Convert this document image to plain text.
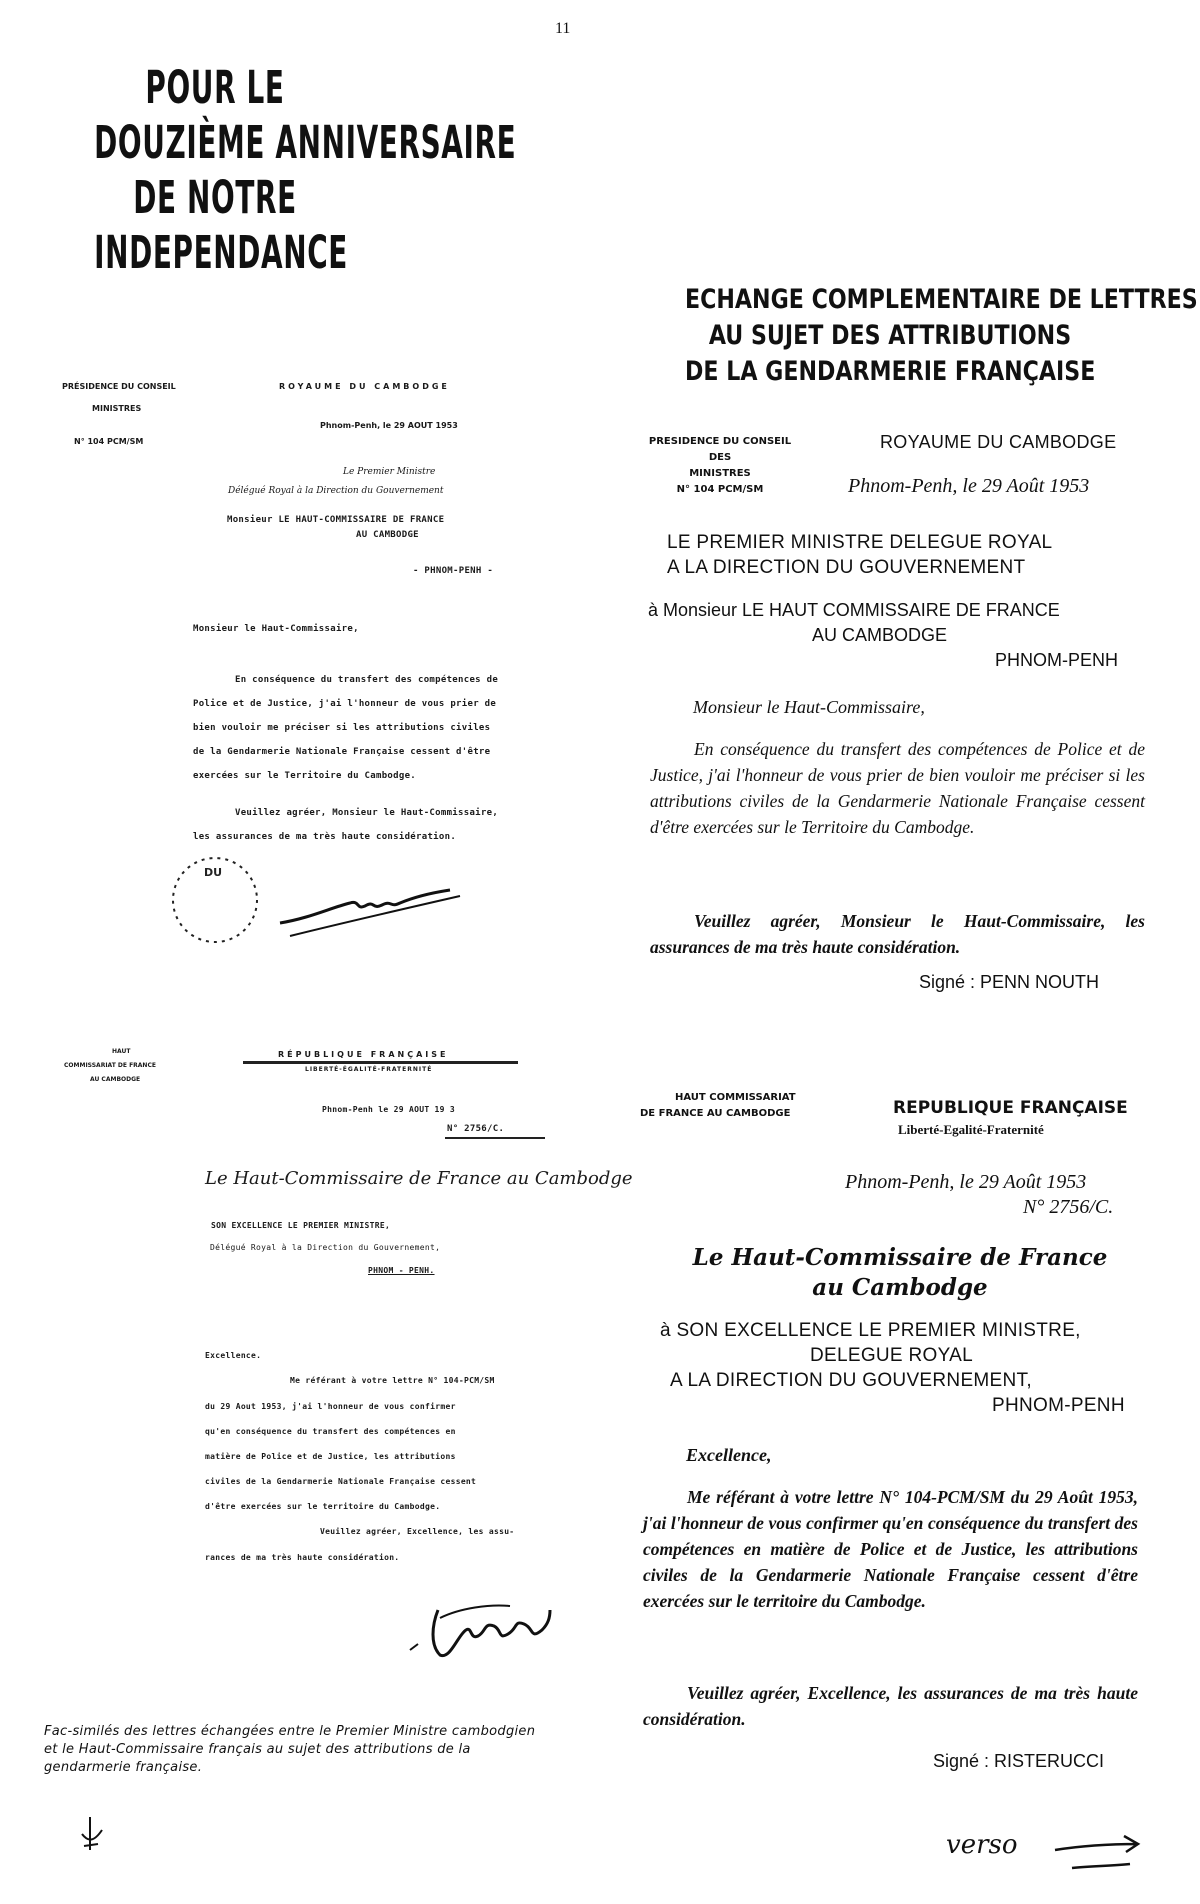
11
POUR LE
DOUZIÈME ANNIVERSAIRE
DE NOTRE
INDEPENDANCE
PRÉSIDENCE DU CONSEIL
MINISTRES
N° 104 PCM/SM
ROYAUME DU CAMBODGE
Phnom-Penh, le 29 AOUT 1953
Le Premier Ministre
Délégué Royal à la Direction du Gouvernement
Monsieur LE HAUT-COMMISSAIRE DE FRANCE
AU CAMBODGE
- PHNOM-PENH -
Monsieur le Haut-Commissaire,
En conséquence du transfert des compétences de
Police et de Justice, j'ai l'honneur de vous prier de
bien vouloir me préciser si les attributions civiles
de la Gendarmerie Nationale Française cessent d'être
exercées sur le Territoire du Cambodge.
Veuillez agréer, Monsieur le Haut-Commissaire,
les assurances de ma très haute considération.
DU
ECHANGE COMPLEMENTAIRE DE LETTRES
AU SUJET DES ATTRIBUTIONS
DE LA GENDARMERIE FRANÇAISE
PRESIDENCE DU CONSEIL
DES
MINISTRES
N° 104 PCM/SM
ROYAUME DU CAMBODGE
Phnom-Penh, le 29 Août 1953
LE PREMIER MINISTRE DELEGUE ROYAL
A LA DIRECTION DU GOUVERNEMENT
à Monsieur LE HAUT COMMISSAIRE DE FRANCE
AU CAMBODGE
PHNOM-PENH
Monsieur le Haut-Commissaire,
En conséquence du transfert des compétences de Police et de Justice, j'ai l'honneur de vous prier de bien vouloir me préciser si les attributions civiles de la Gendarmerie Nationale Française cessent d'être exercées sur le Territoire du Cambodge.
Veuillez agréer, Monsieur le Haut-Commissaire, les assurances de ma très haute considération.
Signé : PENN NOUTH
HAUT
COMMISSARIAT DE FRANCE
AU CAMBODGE
RÉPUBLIQUE FRANÇAISE
LIBERTÉ-ÉGALITÉ-FRATERNITÉ
Phnom-Penh le 29 AOUT 19 3
N° 2756/C.
Le Haut-Commissaire de France au Cambodge
SON EXCELLENCE LE PREMIER MINISTRE,
Délégué Royal à la Direction du Gouvernement,
PHNOM - PENH.
Excellence.
Me référant à votre lettre N° 104-PCM/SM
du 29 Aout 1953, j'ai l'honneur de vous confirmer
qu'en conséquence du transfert des compétences en
matière de Police et de Justice, les attributions
civiles de la Gendarmerie Nationale Française cessent
d'être exercées sur le territoire du Cambodge.
Veuillez agréer, Excellence, les assu-
rances de ma très haute considération.
HAUT COMMISSARIAT
DE FRANCE AU CAMBODGE	REPUBLIQUE FRANÇAISE
Liberté-Egalité-Fraternité
Phnom-Penh, le 29 Août 1953
N° 2756/C.
Le Haut-Commissaire de France
au Cambodge
à SON EXCELLENCE LE PREMIER MINISTRE,
DELEGUE ROYAL
A LA DIRECTION DU GOUVERNEMENT,
PHNOM-PENH
Excellence,
Me référant à votre lettre N° 104-PCM/SM du 29 Août 1953, j'ai l'honneur de vous confirmer qu'en conséquence du transfert des compétences en matière de Police et de Justice, les attributions civiles de la Gendarmerie Nationale Française cessent d'être exercées sur le territoire du Cambodge.
Veuillez agréer, Excellence, les assurances de ma très haute considération.
Signé : RISTERUCCI
Fac-similés des lettres échangées entre le Premier Ministre cambodgien et le Haut-Commissaire français au sujet des attributions de la gendarmerie française.
verso
